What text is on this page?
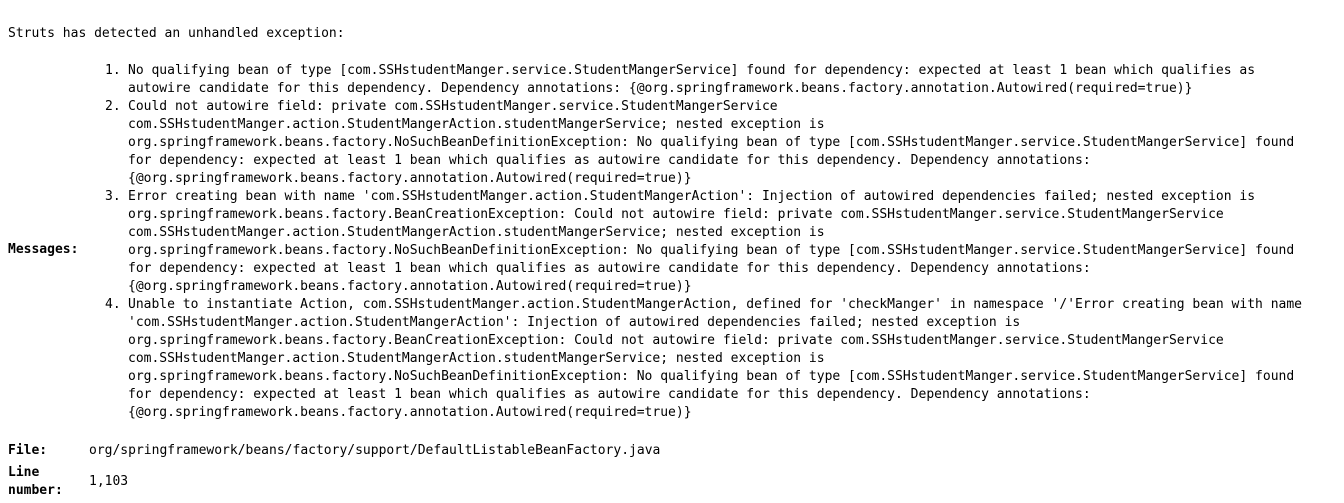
Struts has detected an unhandled exception:
Messages:
1. No qualifying bean of type [com.SSHstudentManger.service.StudentMangerService] found for dependency: expected at least 1 bean which qualifies as
autowire candidate for this dependency. Dependency annotations: {@org.springframework.beans.factory.annotation.Autowired(required=true)}
2. Could not autowire field: private com.SSHstudentManger.service.StudentMangerService
com.SSHstudentManger.action.StudentMangerAction.studentMangerService; nested exception is
org.springframework.beans.factory.NoSuchBeanDefinitionException: No qualifying bean of type [com.SSHstudentManger.service.StudentMangerService] found
for dependency: expected at least 1 bean which qualifies as autowire candidate for this dependency. Dependency annotations:
{@org.springframework.beans.factory.annotation.Autowired(required=true)}
3. Error creating bean with name 'com.SSHstudentManger.action.StudentMangerAction': Injection of autowired dependencies failed; nested exception is
org.springframework.beans.factory.BeanCreationException: Could not autowire field: private com.SSHstudentManger.service.StudentMangerService
com.SSHstudentManger.action.StudentMangerAction.studentMangerService; nested exception is
org.springframework.beans.factory.NoSuchBeanDefinitionException: No qualifying bean of type [com.SSHstudentManger.service.StudentMangerService] found
for dependency: expected at least 1 bean which qualifies as autowire candidate for this dependency. Dependency annotations:
{@org.springframework.beans.factory.annotation.Autowired(required=true)}
4. Unable to instantiate Action, com.SSHstudentManger.action.StudentMangerAction, defined for 'checkManger' in namespace '/'Error creating bean with name
'com.SSHstudentManger.action.StudentMangerAction': Injection of autowired dependencies failed; nested exception is
org.springframework.beans.factory.BeanCreationException: Could not autowire field: private com.SSHstudentManger.service.StudentMangerService
com.SSHstudentManger.action.StudentMangerAction.studentMangerService; nested exception is
org.springframework.beans.factory.NoSuchBeanDefinitionException: No qualifying bean of type [com.SSHstudentManger.service.StudentMangerService] found
for dependency: expected at least 1 bean which qualifies as autowire candidate for this dependency. Dependency annotations:
{@org.springframework.beans.factory.annotation.Autowired(required=true)}
File:	org/springframework/beans/factory/support/DefaultListableBeanFactory.java
Line number:
1,103
